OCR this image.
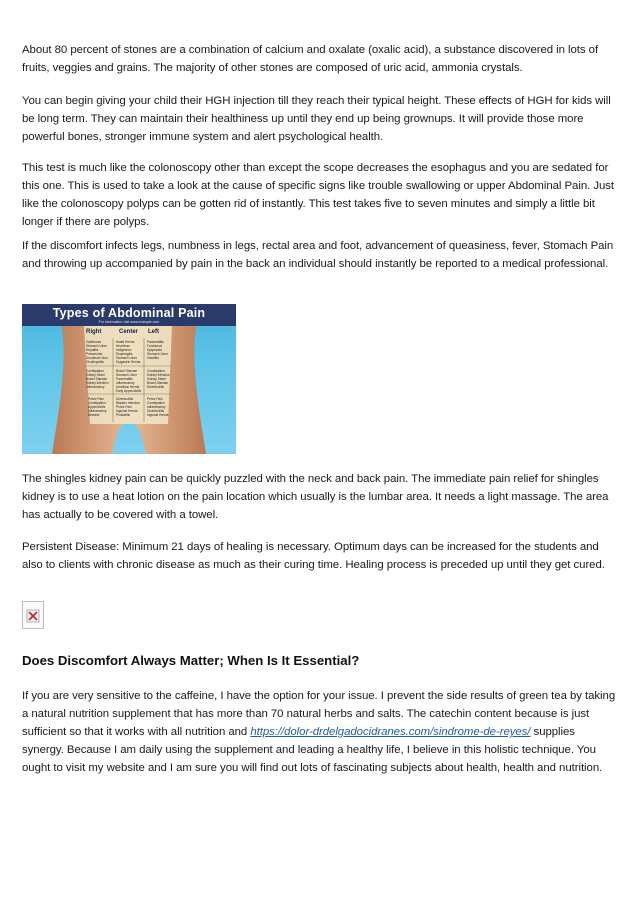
About 80 percent of stones are a combination of calcium and oxalate (oxalic acid), a substance discovered in lots of fruits, veggies and grains. The majority of other stones are composed of uric acid, ammonia crystals.

You can begin giving your child their HGH injection till they reach their typical height. These effects of HGH for kids will be long term. They can maintain their healthiness up until they end up being grownups. It will provide those more powerful bones, stronger immune system and alert psychological health.

This test is much like the colonoscopy other than except the scope decreases the esophagus and you are sedated for this one. This is used to take a look at the cause of specific signs like trouble swallowing or upper Abdominal Pain. Just like the colonoscopy polyps can be gotten rid of instantly. This test takes five to seven minutes and simply a little bit longer if there are polyps.

If the discomfort infects legs, numbness in legs, rectal area and foot, advancement of queasiness, fever, Stomach Pain and throwing up accompanied by pain in the back an individual should instantly be reported to a medical professional.

Types of Abdominal Pain
For information visit www.example.com
Right	Center Left
Gallstones
Stomach Ulcer
Hepatitis
Pneumonia
Duodenal Ulcer
Cholecystitis
Hiatal Hernia
Heartburn
Indigestion
Esophagitis
Stomach Ulcer
Epigastric Hernia
Pancreatitis
Functional
Dyspepsia
Stomach Ulcer
Gastritis
Constipation
Kidney Stone
Bowel Disease
Kidney Infection
Inflammatory
Bowel Disease
Stomach Ulcer
Pancreatitis
Inflammatory
Umbilical Hernia
Early Appendicitis
Constipation
Kidney Infection
Kidney Stone
Bowel Disease
Diverticulitis
Pelvic Pain
Constipation
Appendicitis
Inflammatory
Disease
Diverticulitis
Bladder Infection
Pelvic Pain
Inguinal Hernia
Prostatitis
Pelvic Pain
Constipation
Inflammatory
Diverticulitis
Inguinal Hernia

The shingles kidney pain can be quickly puzzled with the neck and back pain. The immediate pain relief for shingles kidney is to use a heat lotion on the pain location which usually is the lumbar area. It needs a light massage. The area has actually to be covered with a towel.

Persistent Disease: Minimum 21 days of healing is necessary. Optimum days can be increased for the students and also to clients with chronic disease as much as their curing time. Healing process is preceded up until they get cured.

Does Discomfort Always Matter; When Is It Essential?

If you are very sensitive to the caffeine, I have the option for your issue. I prevent the side results of green tea by taking a natural nutrition supplement that has more than 70 natural herbs and salts. The catechin content because is just sufficient so that it works with all nutrition and https://dolor-drdelgadocidranes.com/sindrome-de-reyes/ supplies synergy. Because I am daily using the supplement and leading a healthy life, I believe in this holistic technique. You ought to visit my website and I am sure you will find out lots of fascinating subjects about health, health and nutrition.
